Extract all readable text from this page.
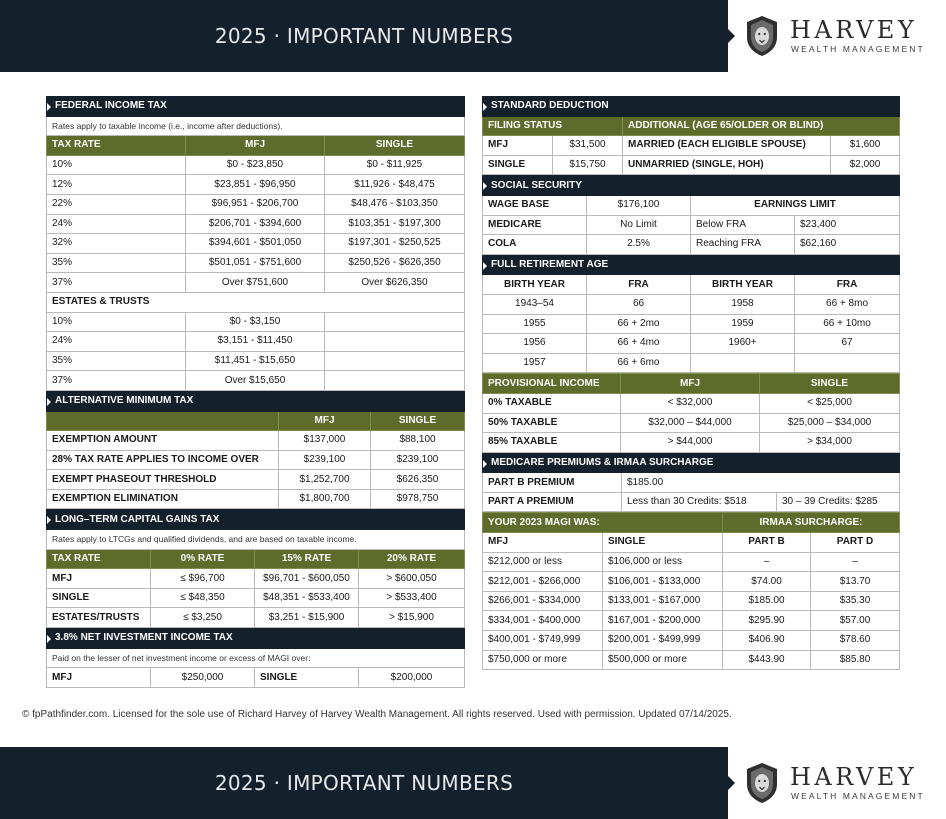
2025 · IMPORTANT NUMBERS	HARVEY
WEALTH MANAGEMENT
FEDERAL INCOME TAX		
Rates apply to taxable income (i.e., income after deductions).		
TAX RATE	MFJ	SINGLE
10%	$0 - $23,850	$0 - $11,925
12%	$23,851 - $96,950	$11,926 - $48,475
22%	$96,951 - $206,700	$48,476 - $103,350
24%	$206,701 - $394,600	$103,351 - $197,300
32%	$394,601 - $501,050	$197,301 - $250,525
35%	$501,051 - $751,600	$250,526 - $626,350
37%	Over $751,600	Over $626,350
ESTATES & TRUSTS		
10%	$0 - $3,150	
24%	$3,151 - $11,450	
35%	$11,451 - $15,650	
37%	Over $15,650	
ALTERNATIVE MINIMUM TAX		
	MFJ	SINGLE
EXEMPTION AMOUNT	$137,000	$88,100
28% TAX RATE APPLIES TO INCOME OVER	$239,100	$239,100
EXEMPT PHASEOUT THRESHOLD	$1,252,700	$626,350
EXEMPTION ELIMINATION	$1,800,700	$978,750
LONG–TERM CAPITAL GAINS TAX			
Rates apply to LTCGs and qualified dividends, and are based on taxable income.			
TAX RATE	0% RATE	15% RATE	20% RATE
MFJ	≤ $96,700	$96,701 - $600,050	> $600,050
SINGLE	≤ $48,350	$48,351 - $533,400	> $533,400
ESTATES/TRUSTS	≤ $3,250	$3,251 - $15,900	> $15,900
3.8% NET INVESTMENT INCOME TAX
Paid on the lesser of net investment income or excess of MAGI over:
MFJ	$250,000	SINGLE	$200,000
STANDARD DEDUCTION			
FILING STATUS		ADDITIONAL (AGE 65/OLDER OR BLIND)	
MFJ	$31,500	MARRIED (EACH ELIGIBLE SPOUSE)	$1,600
SINGLE	$15,750	UNMARRIED (SINGLE, HOH)	$2,000
SOCIAL SECURITY			
WAGE BASE	$176,100	EARNINGS LIMIT	
MEDICARE	No Limit	Below FRA	$23,400
COLA	2.5%	Reaching FRA	$62,160
FULL RETIREMENT AGE			
BIRTH YEAR	FRA	BIRTH YEAR	FRA
1943–54	66	1958	66 + 8mo
1955	66 + 2mo	1959	66 + 10mo
1956	66 + 4mo	1960+	67
1957	66 + 6mo		
PROVISIONAL INCOME	MFJ	SINGLE
0% TAXABLE	< $32,000	< $25,000
50% TAXABLE	$32,000 – $44,000	$25,000 – $34,000
85% TAXABLE	> $44,000	> $34,000
MEDICARE PREMIUMS & IRMAA SURCHARGE		
PART B PREMIUM	$185.00	
PART A PREMIUM	Less than 30 Credits: $518	30 – 39 Credits: $285
YOUR 2023 MAGI WAS:		IRMAA SURCHARGE:	
MFJ	SINGLE	PART B	PART D
$212,000 or less	$106,000 or less	–	–
$212,001 - $266,000	$106,001 - $133,000	$74.00	$13.70
$266,001 - $334,000	$133,001 - $167,000	$185.00	$35.30
$334,001 - $400,000	$167,001 - $200,000	$295.90	$57.00
$400,001 - $749,999	$200,001 - $499,999	$406.90	$78.60
$750,000 or more	$500,000 or more	$443.90	$85.80
© fpPathfinder.com. Licensed for the sole use of Richard Harvey of Harvey Wealth Management. All rights reserved. Used with permission. Updated 07/14/2025.
2025 · IMPORTANT NUMBERS	HARVEY
WEALTH MANAGEMENT
